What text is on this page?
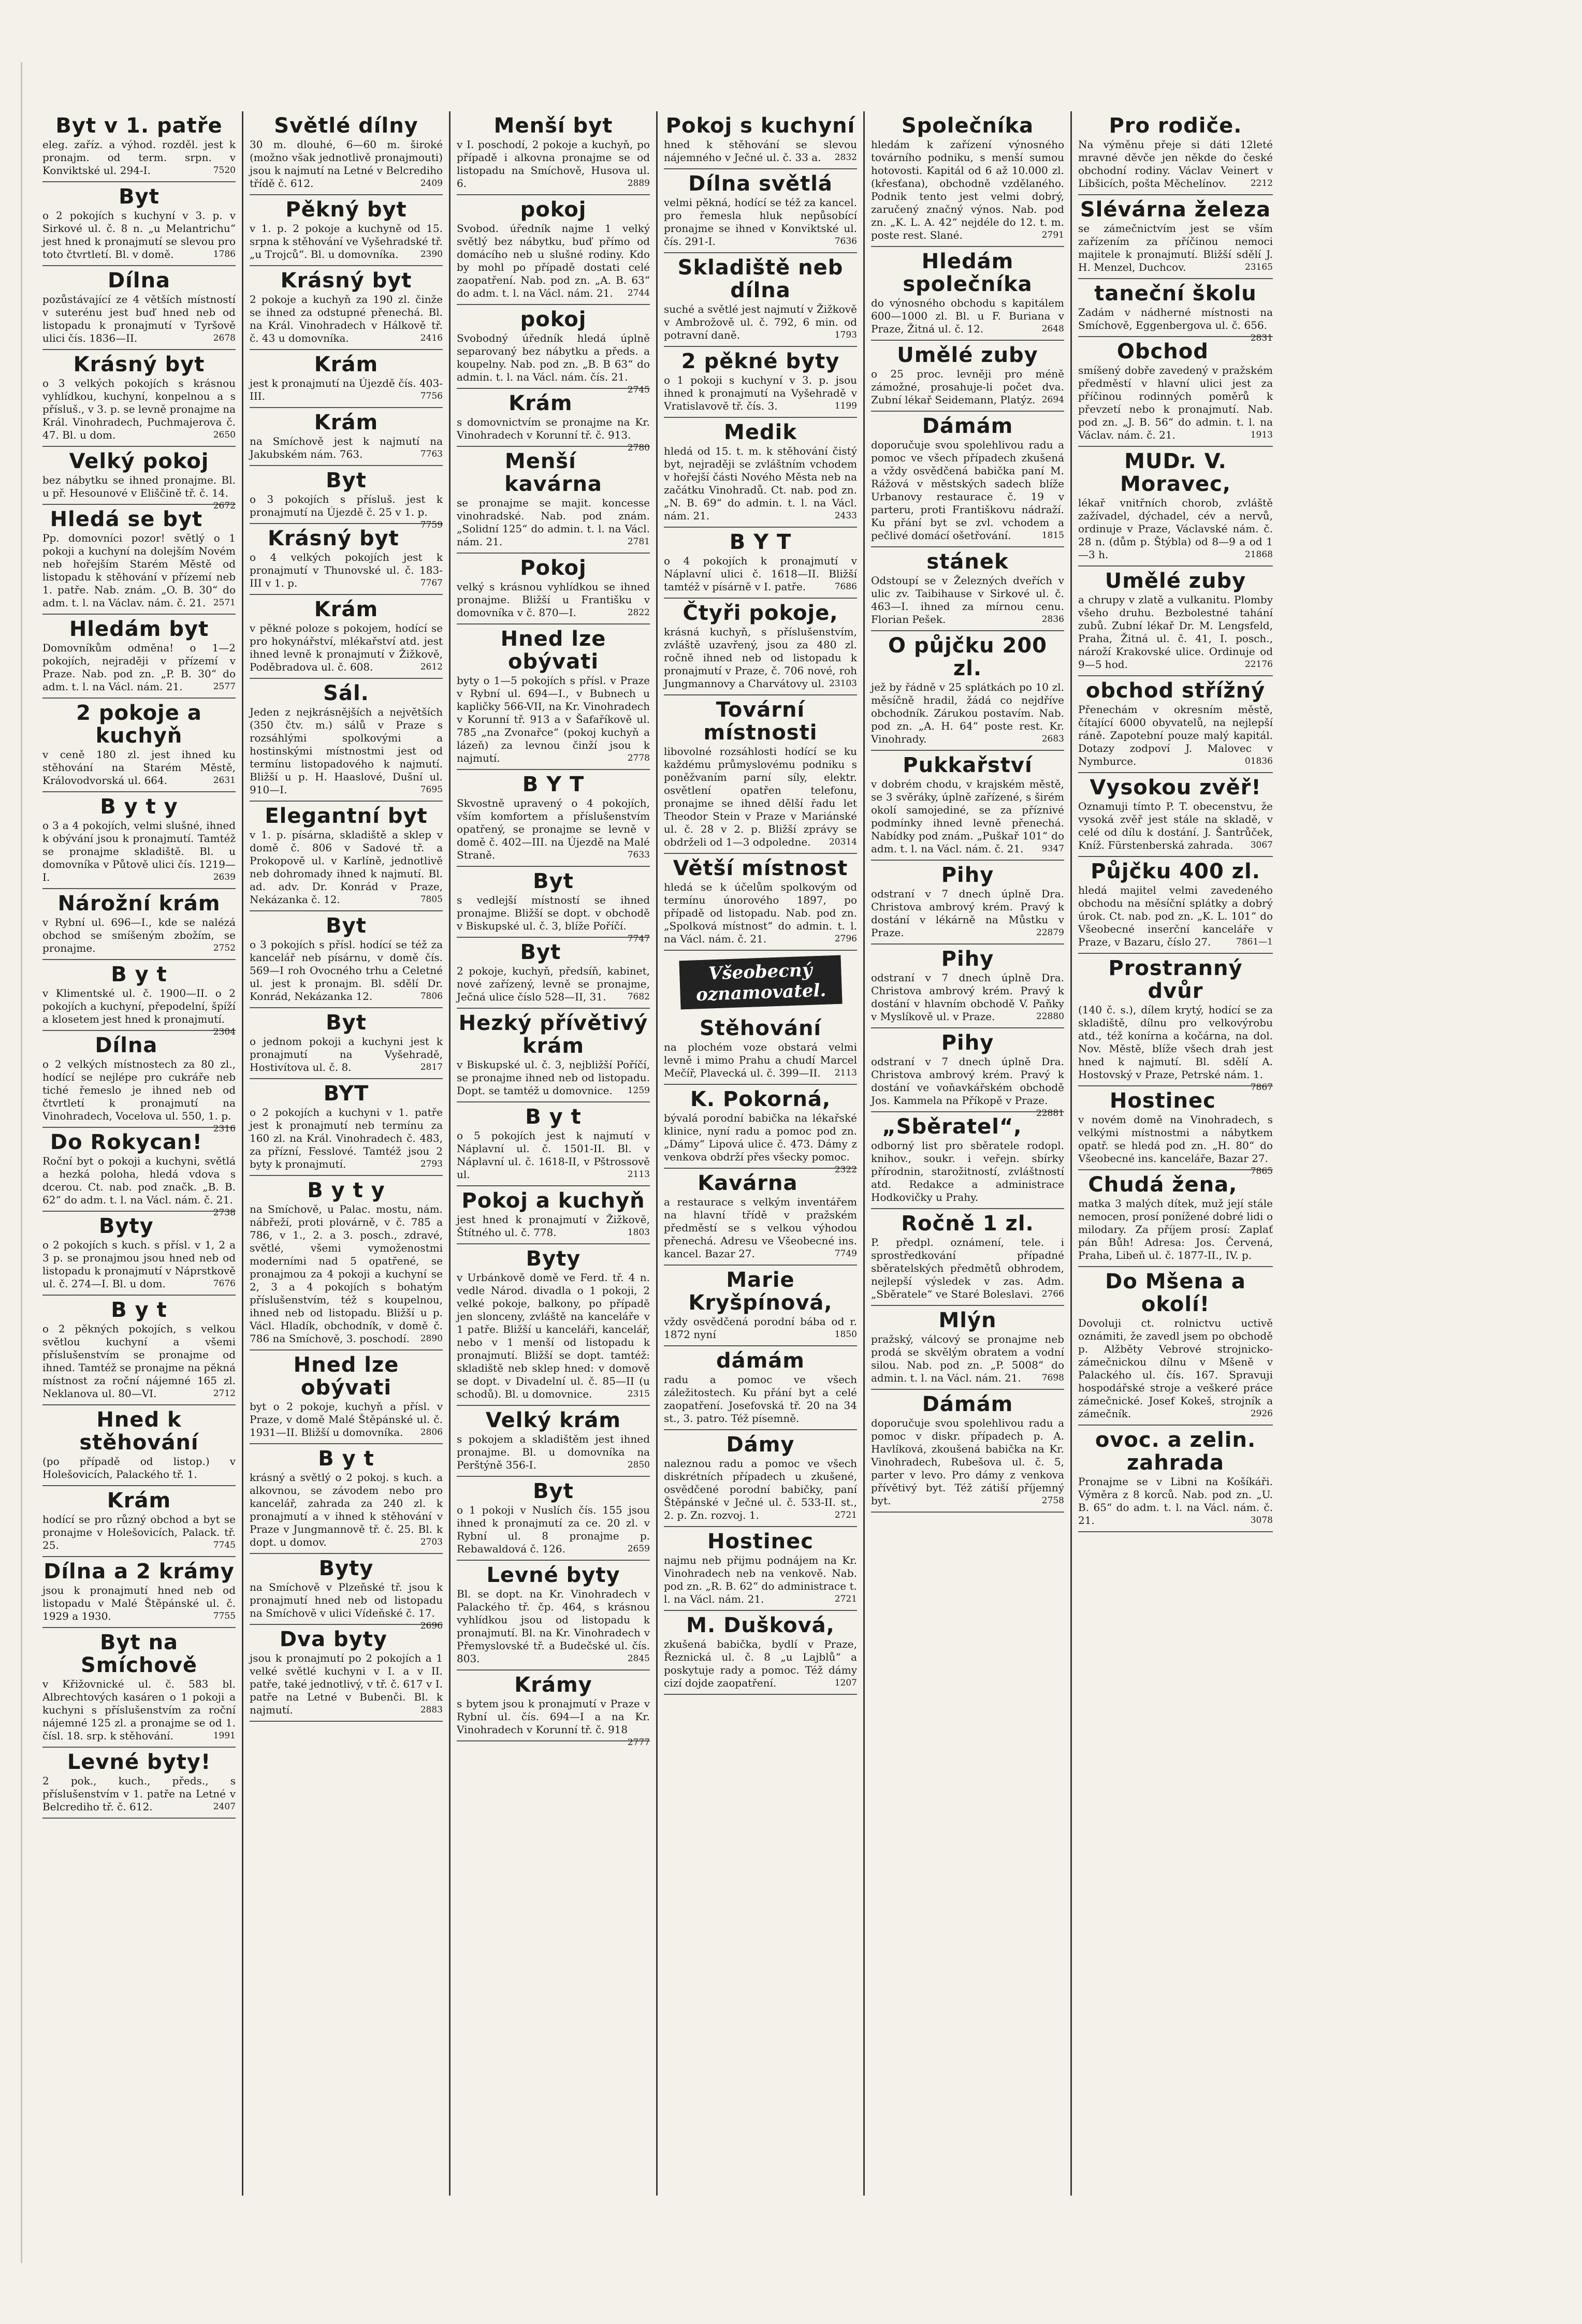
Byt v 1. patře
eleg. zaříz. a výhod. rozděl. jest k pronajm. od term. srpn. v Konviktské ul. 294-I.	7520
Byt
o 2 pokojích s kuchyní v 3. p. v Sirkové ul. č. 8 n. „u Melantrichu“ jest hned k pronajmutí se slevou pro toto čtvrtletí. Bl. v domě.	1786
Dílna
pozůstávající ze 4 větších místností v suterénu jest buď hned neb od listopadu k pronajmutí v Tyršově ulici čís. 1836—II.	2678
Krásný byt
o 3 velkých pokojích s krásnou vyhlídkou, kuchyní, konpelnou a s přísluš., v 3. p. se levně pronajme na Král. Vinohradech, Puchmajerova č. 47. Bl. u dom.	2650
Velký pokoj
bez nábytku se ihned pronajme. Bl. u př. Hesounové v Eliščině tř. č. 14.
2672
Hledá se byt
Pp. domovníci pozor! světlý o 1 pokoji a kuchyní na dolejším Novém neb hořejším Starém Městě od listopadu k stěhování v přízemí neb 1. patře. Nab. znám. „O. B. 30“ do adm. t. l. na Václav. nám. č. 21. 2571
Hledám byt
Domovníkům odměna! o 1—2 pokojích, nejraději v přízemí v Praze. Nab. pod zn. „P. B. 30“ do adm. t. l. na Václ. nám. 21.	2577
2 pokoje a kuchyň
v ceně 180 zl. jest ihned ku stěhování na Starém Městě, Královodvorská ul. 664.	2631
B y t y
o 3 a 4 pokojích, velmi slušné, ihned k obývání jsou k pronajmutí. Tamtéž se pronajme skladiště. Bl. u domovníka v Půtově ulici čís. 1219—I.	2639
Nárožní krám
v Rybní ul. 696—I., kde se nalézá obchod se smíšeným zbožím, se pronajme.	2752
B y t
v Klimentské ul. č. 1900—II. o 2 pokojích a kuchyní, přepodelní, špíží a klosetem jest hned k pronajmutí.
2304
Dílna
o 2 velkých místnostech za 80 zl., hodící se nejlépe pro cukráře neb tiché řemeslo je ihned neb od čtvrtletí k pronajmutí na Vinohradech, Vocelova ul. 550, 1. p.
2316
Do Rokycan!
Roční byt o pokoji a kuchyni, světlá a hezká poloha, hledá vdova s dcerou. Ct. nab. pod značk. „B. B. 62“ do adm. t. l. na Václ. nám. č. 21.
2738
Byty
o 2 pokojích s kuch. s přísl. v 1, 2 a 3 p. se pronajmou jsou hned neb od listopadu k pronajmutí v Náprstkově ul. č. 274—I. Bl. u dom.	7676
B y t
o 2 pěkných pokojích, s velkou světlou kuchyní a všemi příslušenstvím se pronajme od ihned. Tamtéž se pronajme na pěkná místnost za roční nájemné 165 zl. Neklanova ul. 80—VI.	2712
Hned k stěhování
(po případě od listop.) v Holešovicích, Palackého tř. 1.
Krám
hodící se pro různý obchod a byt se pronajme v Holešovicích, Palack. tř. 25.	7745
Dílna a 2 krámy
jsou k pronajmutí hned neb od listopadu v Malé Štěpánské ul. č. 1929 a 1930.	7755
Byt na Smíchově
v Křižovnické ul. č. 583 bl. Albrechtových kasáren o 1 pokoji a kuchyni s příslušenstvím za roční nájemné 125 zl. a pronajme se od 1. čísl. 18. srp. k stěhování.	1991
Levné byty!
2 pok., kuch., předs., s příslušenstvím v 1. patře na Letné v Belcrediho tř. č. 612.	2407
Světlé dílny
30 m. dlouhé, 6—60 m. široké (možno však jednotlivě pronajmouti) jsou k najmutí na Letné v Belcrediho třídě č. 612.	2409
Pěkný byt
v 1. p. 2 pokoje a kuchyně od 15. srpna k stěhování ve Vyšehradské tř. „u Trojců“. Bl. u domovníka.	2390
Krásný byt
2 pokoje a kuchyň za 190 zl. činže se ihned za odstupné přenechá. Bl. na Král. Vinohradech v Hálkově tř. č. 43 u domovníka.	2416
Krám
jest k pronajmutí na Újezdě čís. 403-III.	7756
Krám
na Smíchově jest k najmutí na Jakubském nám. 763.	7763
Byt
o 3 pokojích s přísluš. jest k pronajmutí na Újezdě č. 25 v 1. p.
7759
Krásný byt
o 4 velkých pokojích jest k pronajmutí v Thunovské ul. č. 183-III v 1. p.	7767
Krám
v pěkné poloze s pokojem, hodící se pro hokynářství, mlékařství atd. jest ihned levně k pronajmutí v Žižkově, Poděbradova ul. č. 608.	2612
Sál.
Jeden z nejkrásnějších a největších (350 čtv. m.) sálů v Praze s rozsáhlými spolkovými a hostinskými místnostmi jest od termínu listopadového k najmutí. Bližší u p. H. Haaslové, Dušní ul. 910—I.	7695
Elegantní byt
v 1. p. písárna, skladiště a sklep v domě č. 806 v Sadové tř. a Prokopově ul. v Karlíně, jednotlivě neb dohromady ihned k najmutí. Bl. ad. adv. Dr. Konrád v Praze, Nekázanka č. 12.	7805
Byt
o 3 pokojích s přísl. hodící se též za kancelář neb písárnu, v domě čís. 569—I roh Ovocného trhu a Celetné ul. jest k pronajm. Bl. sdělí Dr. Konrád, Nekázanka 12.	7806
Byt
o jednom pokoji a kuchyni jest k pronajmutí na Vyšehradě, Hostivítova ul. č. 8.	2817
BYT
o 2 pokojích a kuchyni v 1. patře jest k pronajmutí neb termínu za 160 zl. na Král. Vinohradech č. 483, za přízní, Fesslové. Tamtéž jsou 2 byty k pronajmutí.	2793
B y t y
na Smíchově, u Palac. mostu, nám. nábřeží, proti plovárně, v č. 785 a 786, v 1., 2. a 3. posch., zdravé, světlé, všemi vymoženostmi moderními nad 5 opatřené, se pronajmou za 4 pokoji a kuchyní se 2, 3 a 4 pokojích s bohatým příslušenstvím, též s koupelnou, ihned neb od listopadu. Bližší u p. Václ. Hladík, obchodník, v domě č. 786 na Smíchově, 3. poschodí.	2890
Hned lze obývati
byt o 2 pokoje, kuchyň a přísl. v Praze, v domě Malé Štěpánské ul. č. 1931—II. Bližší u domovníka.	2806
B y t
krásný a světlý o 2 pokoj. s kuch. a alkovnou, se závodem nebo pro kancelář, zahrada za 240 zl. k pronajmutí a v ihned k stěhování v Praze v Jungmannově tř. č. 25. Bl. k dopt. u domov.	2703
Byty
na Smíchově v Plzeňské tř. jsou k pronajmutí hned neb od listopadu na Smíchově v ulici Vídeňské č. 17.
2696
Dva byty
jsou k pronajmutí po 2 pokojích a 1 velké světlé kuchyni v I. a v II. patře, také jednotlivý, v tř. č. 617 v I. patře na Letné v Bubenči. Bl. k najmutí.	2883
Menší byt
v I. poschodí, 2 pokoje a kuchyň, po případě i alkovna pronajme se od listopadu na Smíchově, Husova ul. 6.	2889
pokoj
Svobod. úředník najme 1 velký světlý bez nábytku, buď přímo od domácího neb u slušné rodiny. Kdo by mohl po případě dostati celé zaopatření. Nab. pod zn. „A. B. 63“ do adm. t. l. na Václ. nám. 21.	2744
pokoj
Svobodný úředník hledá úplně separovaný bez nábytku a předs. a koupelny. Nab. pod zn. „B. B 63“ do admin. t. l. na Václ. nám. čís. 21.
2745
Krám
s domovnictvím se pronajme na Kr. Vinohradech v Korunní tř. č. 913.
2780
Menší kavárna
se pronajme se majit. koncesse vinohradské. Nab. pod znám. „Solidní 125“ do admin. t. l. na Václ. nám. 21.	2781
Pokoj
velký s krásnou vyhlídkou se ihned pronajme. Bližší u Františku v domovníka v č. 870—I.	2822
Hned lze obývati
byty o 1—5 pokojích s přísl. v Praze v Rybní ul. 694—I., v Bubnech u kapličky 566-VII, na Kr. Vinohradech v Korunní tř. 913 a v Šafaříkově ul. 785 „na Zvonařce“ (pokoj kuchyň a lázeň) za levnou činží jsou k najmutí.	2778
B Y T
Skvostně upravený o 4 pokojích, vším komfortem a příslušenstvím opatřený, se pronajme se levně v domě č. 402—III. na Újezdě na Malé Straně.	7633
Byt
s vedlejší místností se ihned pronajme. Bližší se dopt. v obchodě v Biskupské ul. č. 3, blíže Poříčí.
7747
Byt
2 pokoje, kuchyň, předsíň, kabinet, nové zařízený, levně se pronajme, Ječná ulice číslo 528—II, 31.	7682
Hezký přívětivý krám
v Biskupské ul. č. 3, nejbližší Poříčí, se pronajme ihned neb od listopadu. Dopt. se tamtéž u domovnice.	1259
B y t
o 5 pokojích jest k najmutí v Náplavní ul. č. 1501-II. Bl. v Náplavní ul. č. 1618-II, v Pštrossově ul.	2113
Pokoj a kuchyň
jest hned k pronajmutí v Žižkově, Štítného ul. č. 778.	1803
Byty
v Urbánkově domě ve Ferd. tř. 4 n. vedle Národ. divadla o 1 pokoji, 2 velké pokoje, balkony, po případě jen slonceny, zvláště na kanceláře v 1 patře. Bližší u kanceláři, kancelář, nebo v 1 menší od listopadu k pronajmutí. Bližší se dopt. tamtéž: skladiště neb sklep hned: v domově se dopt. v Divadelní ul. č. 85—II (u schodů). Bl. u domovnice.	2315
Velký krám
s pokojem a skladištěm jest ihned pronajme. Bl. u domovníka na Perštýně 356-I.	2850
Byt
o 1 pokoji v Nuslích čís. 155 jsou ihned k pronajmutí za ce. 20 zl. v Rybní ul. 8 pronajme p. Rebawaldová č. 126.	2659
Levné byty
Bl. se dopt. na Kr. Vinohradech v Palackého tř. čp. 464, s krásnou vyhlídkou jsou od listopadu k pronajmutí. Bl. na Kr. Vinohradech v Přemyslovské tř. a Budečské ul. čís. 803.	2845
Krámy
s bytem jsou k pronajmutí v Praze v Rybní ul. čís. 694—I a na Kr. Vinohradech v Korunní tř. č. 918
2777
Pokoj s kuchyní
hned k stěhování se slevou nájemného v Ječné ul. č. 33 a.	2832
Dílna světlá
velmi pěkná, hodící se též za kancel. pro řemesla hluk nepůsobící pronajme se ihned v Konviktské ul. čís. 291-I.	7636
Skladiště neb dílna
suché a světlé jest najmutí v Žižkově v Ambrožově ul. č. 792, 6 min. od potravní daně.	1793
2 pěkné byty
o 1 pokoji s kuchyní v 3. p. jsou ihned k pronajmutí na Vyšehradě v Vratislavově tř. čís. 3.	1199
Medik
hledá od 15. t. m. k stěhování čistý byt, nejraději se zvláštním vchodem v hořejší části Nového Města neb na začátku Vinohradů. Ct. nab. pod zn. „N. B. 69“ do admin. t. l. na Václ. nám. 21.	2433
B Y T
o 4 pokojích k pronajmutí v Náplavní ulici č. 1618—II. Bližší tamtéž v písárně v I. patře.	7686
Čtyři pokoje,
krásná kuchyň, s příslušenstvím, zvláště uzavřený, jsou za 480 zl. ročně ihned neb od listopadu k pronajmutí v Praze, č. 706 nové, roh Jungmannovy a Charvátovy ul. 23103
Tovární místnosti
libovolné rozsáhlosti hodící se ku každému průmyslovému podniku s poněžvaním parní síly, elektr. osvětlení opatřen telefonu, pronajme se ihned dělší řadu let Theodor Stein v Praze v Mariánské ul. č. 28 v 2. p. Bližší zprávy se obdrželi od 1—3 odpoledne.	20314
Větší místnost
hledá se k účelům spolkovým od termínu únorového 1897, po případě od listopadu. Nab. pod zn. „Spolková místnost“ do admin. t. l. na Václ. nám. č. 21.	2796
Všeobecný oznamovatel.
Stěhování
na plochém voze obstará velmi levně i mimo Prahu a chudí Marcel Mečíř, Plavecká ul. č. 399—II.	2113
K. Pokorná,
bývalá porodní babička na lékařské klinice, nyní radu a pomoc pod zn. „Dámy“ Lipová ulice č. 473. Dámy z venkova obdrží přes všecky pomoc.
2322
Kavárna
a restaurace s velkým inventářem na hlavní třídě v pražském předměstí se s velkou výhodou přenechá. Adresu ve Všeobecné ins. kancel. Bazar 27.	7749
Marie Kryšpínová,
vždy osvědčená porodní bába od r. 1872 nyní	1850
dámám
radu a pomoc ve všech záležitostech. Ku přání byt a celé zaopatření. Josefovská tř. 20 na 34 st., 3. patro. Též písemně.
Dámy
naleznou radu a pomoc ve všech diskrétních případech u zkušené, osvědčené porodní babičky, paní Štěpánské v Ječné ul. č. 533-II. st., 2. p. Zn. rozvoj. 1.	2721
Hostinec
najmu neb přijmu podnájem na Kr. Vinohradech neb na venkově. Nab. pod zn. „R. B. 62“ do administrace t. l. na Václ. nám. 21.	2721
M. Dušková,
zkušená babička, bydlí v Praze, Řeznická ul. č. 8 „u Lajblů“ a poskytuje rady a pomoc. Též dámy cizí dojde zaopatření.	1207
Společníka
hledám k zařízení výnosného továrního podniku, s menší sumou hotovosti. Kapitál od 6 až 10.000 zl. (křesťana), obchodně vzdělaného. Podnik tento jest velmi dobrý, zaručený značný výnos. Nab. pod zn. „K. L. A. 42“ nejdéle do 12. t. m. poste rest. Slané.	2791
Hledám společníka
do výnosného obchodu s kapitálem 600—1000 zl. Bl. u F. Buriana v Praze, Žitná ul. č. 12.	2648
Umělé zuby
o 25 proc. levněji pro méně zámožné, prosahuje-li počet dva. Zubní lékař Seidemann, Platýz. 2694
Dámám
doporučuje svou spolehlivou radu a pomoc ve všech případech zkušená a vždy osvědčená babička paní M. Rážová v městských sadech blíže Urbanovy restaurace č. 19 v parteru, proti Františkovu nádraží. Ku přání byt se zvl. vchodem a pečlivé domácí ošetřování.	1815
stánek
Odstoupí se v Železných dveřích v ulic zv. Taibihause v Sirkové ul. č. 463—I. ihned za mírnou cenu. Florian Pešek.	2836
O půjčku 200 zl.
jež by řádně v 25 splátkách po 10 zl. měsíčně hradil, žádá co nejdříve obchodník. Zárukou postavím. Nab. pod zn. „A. H. 64“ poste rest. Kr. Vinohrady.	2683
Pukkařství
v dobrém chodu, v krajském městě, se 3 svěráky, úplně zařízené, s širém okolí samojediné, se za příznivé podmínky ihned levně přenechá. Nabídky pod znám. „Puškař 101“ do adm. t. l. na Václ. nám. č. 21.	9347
Pihy
odstraní v 7 dnech úplně Dra. Christova ambrový krém. Pravý k dostání v lékárně na Můstku v Praze.	22879
Pihy
odstraní v 7 dnech úplně Dra. Christova ambrový krém. Pravý k dostání v hlavním obchodě V. Paňky v Myslíkově ul. v Praze.	22880
Pihy
odstraní v 7 dnech úplně Dra. Christova ambrový krém. Pravý k dostání ve voňavkářském obchodě Jos. Kammela na Příkopě v Praze.
22881
„Sběratel“,
odborný list pro sběratele rodopl. knihov., soukr. i veřejn. sbírky přírodnin, starožitností, zvláštností atd. Redakce a administrace Hodkovičky u Prahy.
Ročně 1 zl.
P. předpl. oznámení, tele. i sprostředkování případné sběratelských předmětů obhrodem, nejlepší výsledek v zas. Adm. „Sběratele“ ve Staré Boleslavi. 2766
Mlýn
pražský, válcový se pronajme neb prodá se skvělým obratem a vodní silou. Nab. pod zn. „P. 5008“ do admin. t. l. na Václ. nám. 21.	7698
Dámám
doporučuje svou spolehlivou radu a pomoc v diskr. případech p. A. Havlíková, zkoušená babička na Kr. Vinohradech, Rubešova ul. č. 5, parter v levo. Pro dámy z venkova přívětivý byt. Též zátiší příjemný byt.	2758
Pro rodiče.
Na výměnu přeje si dáti 12leté mravné děvče jen někde do české obchodní rodiny. Václav Veinert v Libšicích, pošta Měchelínov.	2212
Slévárna železa
se zámečnictvím jest se vším zařízením za příčinou nemoci majitele k pronajmutí. Bližší sdělí J. H. Menzel, Duchcov.	23165
taneční školu
Zadám v nádherné místnosti na Smíchově, Eggenbergova ul. č. 656.
2831
Obchod
smíšený dobře zavedený v pražském předměstí v hlavní ulici jest za příčinou rodinných poměrů k převzetí nebo k pronajmutí. Nab. pod zn. „J. B. 56“ do admin. t. l. na Václav. nám. č. 21.	1913
MUDr. V. Moravec,
lékař vnitřních chorob, zvláště zažívadel, dýchadel, cév a nervů, ordinuje v Praze, Václavské nám. č. 28 n. (dům p. Štýbla) od 8—9 a od 1—3 h.	21868
Umělé zuby
a chrupy v zlatě a vulkanitu. Plomby všeho druhu. Bezbolestné tahání zubů. Zubní lékař Dr. M. Lengsfeld, Praha, Žitná ul. č. 41, I. posch., nároží Krakovské ulice. Ordinuje od 9—5 hod.	22176
obchod střížný
Přenechám v okresním městě, čítající 6000 obyvatelů, na nejlepší ráně. Zapotební pouze malý kapitál. Dotazy zodpoví J. Malovec v Nymburce.	01836
Vysokou zvěř!
Oznamuji tímto P. T. obecenstvu, že vysoká zvěř jest stále na skladě, v celé od dílu k dostání. J. Šantrůček, Kníž. Fürstenberská zahrada.	3067
Půjčku 400 zl.
hledá majitel velmi zavedeného obchodu na měsíční splátky a dobrý úrok. Ct. nab. pod zn. „K. L. 101“ do Všeobecné inserční kanceláře v Praze, v Bazaru, číslo 27.	7861—1
Prostranný dvůr
(140 č. s.), dílem krytý, hodící se za skladiště, dílnu pro velkovýrobu atd., též konírna a kočárna, na dol. Nov. Městě, blíže všech drah jest hned k najmutí. Bl. sdělí A. Hostovský v Praze, Petrské nám. 1.
7867
Hostinec
v novém domě na Vinohradech, s velkými místnostmi a nábytkem opatř. se hledá pod zn. „H. 80“ do Všeobecné ins. kanceláře, Bazar 27.
7865
Chudá žena,
matka 3 malých dítek, muž její stále nemocen, prosí ponížené dobré lidi o milodary. Za příjem prosí: Zaplať pán Bůh! Adresa: Jos. Červená, Praha, Libeň ul. č. 1877-II., IV. p.
Do Mšena a okolí!
Dovoluji ct. rolnictvu uctivě oznámiti, že zavedl jsem po obchodě p. Alžběty Vebrové strojnicko-zámečnickou dílnu v Mšeně v Palackého ul. čís. 167. Spravuji hospodářské stroje a veškeré práce zámečnické. Josef Kokeš, strojník a zámečník.	2926
ovoc. a zelin. zahrada
Pronajme se v Libni na Košíkáři. Výměra z 8 korců. Nab. pod zn. „U. B. 65“ do adm. t. l. na Václ. nám. č. 21.	3078
